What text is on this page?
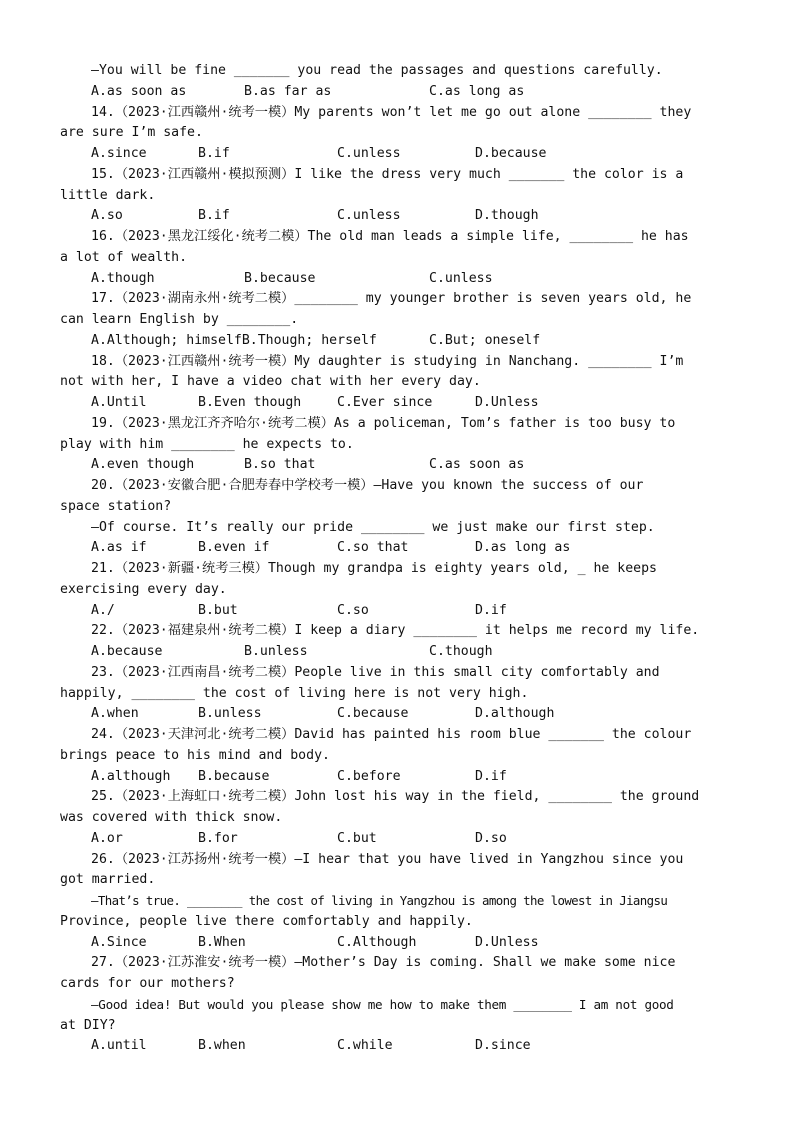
—You will be fine _______ you read the passages and questions carefully.
A.as soon as	B.as far as	C.as long as
14.（2023·江西赣州·统考一模）My parents won’t let me go out alone ________ they
are sure I’m safe.
A.since	B.if	C.unless	D.because
15.（2023·江西赣州·模拟预测）I like the dress very much _______ the color is a
little dark.
A.so	B.if	C.unless	D.though
16.（2023·黑龙江绥化·统考二模）The old man leads a simple life, ________ he has
a lot of wealth.
A.though	B.because	C.unless
17.（2023·湖南永州·统考二模）________ my younger brother is seven years old, he
can learn English by ________.
A.Although; himselfB.Though; herself	C.But; oneself
18.（2023·江西赣州·统考一模）My daughter is studying in Nanchang. ________ I’m
not with her, I have a video chat with her every day.
A.Until	B.Even though	C.Ever since	D.Unless
19.（2023·黑龙江齐齐哈尔·统考二模）As a policeman, Tom’s father is too busy to
play with him ________ he expects to.
A.even though	B.so that	C.as soon as
20.（2023·安徽合肥·合肥寿春中学校考一模）—Have you known the success of our
space station?
—Of course. It’s really our pride ________ we just make our first step.
A.as if	B.even if	C.so that	D.as long as
21.（2023·新疆·统考三模）Though my grandpa is eighty years old, _ he keeps
exercising every day.
A./	B.but	C.so	D.if
22.（2023·福建泉州·统考二模）I keep a diary ________ it helps me record my life.
A.because	B.unless	C.though
23.（2023·江西南昌·统考二模）People live in this small city comfortably and
happily, ________ the cost of living here is not very high.
A.when	B.unless	C.because	D.although
24.（2023·天津河北·统考二模）David has painted his room blue _______ the colour
brings peace to his mind and body.
A.although B.because	C.before	D.if
25.（2023·上海虹口·统考二模）John lost his way in the field, ________ the ground
was covered with thick snow.
A.or	B.for	C.but	D.so
26.（2023·江苏扬州·统考一模）—I hear that you have lived in Yangzhou since you
got married.
—That’s true. ________ the cost of living in Yangzhou is among the lowest in Jiangsu
Province, people live there comfortably and happily.
A.Since	B.When	C.Although	D.Unless
27.（2023·江苏淮安·统考一模）—Mother’s Day is coming. Shall we make some nice
cards for our mothers?
—Good idea! But would you please show me how to make them ________ I am not good
at DIY?
A.until	B.when	C.while	D.since
